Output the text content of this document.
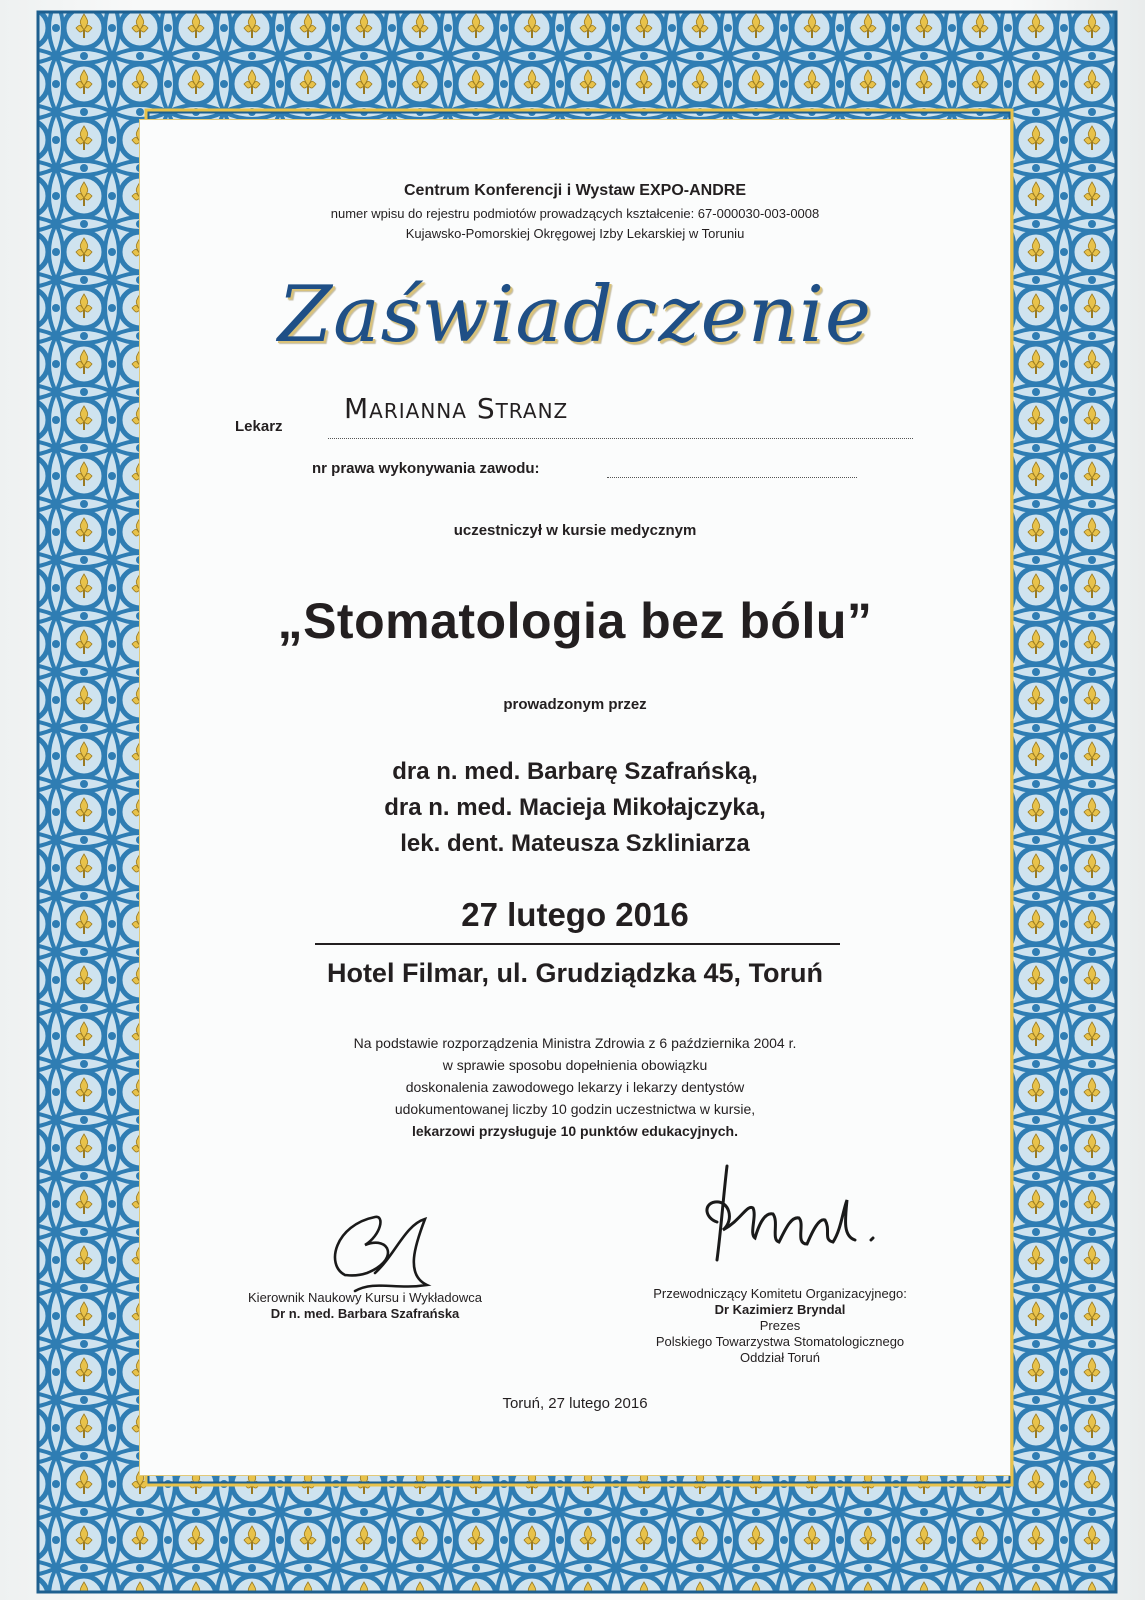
Centrum Konferencji i Wystaw EXPO-ANDRE
numer wpisu do rejestru podmiotów prowadzących kształcenie: 67-000030-003-0008
Kujawsko-Pomorskiej Okręgowej Izby Lekarskiej w Toruniu
Zaświadczenie
Lekarz
Marianna Stranz
nr prawa wykonywania zawodu:
uczestniczył w kursie medycznym
„Stomatologia bez bólu”
prowadzonym przez
dra n. med. Barbarę Szafrańską,
dra n. med. Macieja Mikołajczyka,
lek. dent. Mateusza Szkliniarza
27 lutego 2016
Hotel Filmar, ul. Grudziądzka 45, Toruń
Na podstawie rozporządzenia Ministra Zdrowia z 6 października 2004 r.
w sprawie sposobu dopełnienia obowiązku
doskonalenia zawodowego lekarzy i lekarzy dentystów
udokumentowanej liczby 10 godzin uczestnictwa w kursie,
lekarzowi przysługuje 10 punktów edukacyjnych.
Kierownik Naukowy Kursu i Wykładowca
Dr n. med. Barbara Szafrańska
Przewodniczący Komitetu Organizacyjnego:
Dr Kazimierz Bryndal
Prezes
Polskiego Towarzystwa Stomatologicznego
Oddział Toruń
Toruń, 27 lutego 2016
